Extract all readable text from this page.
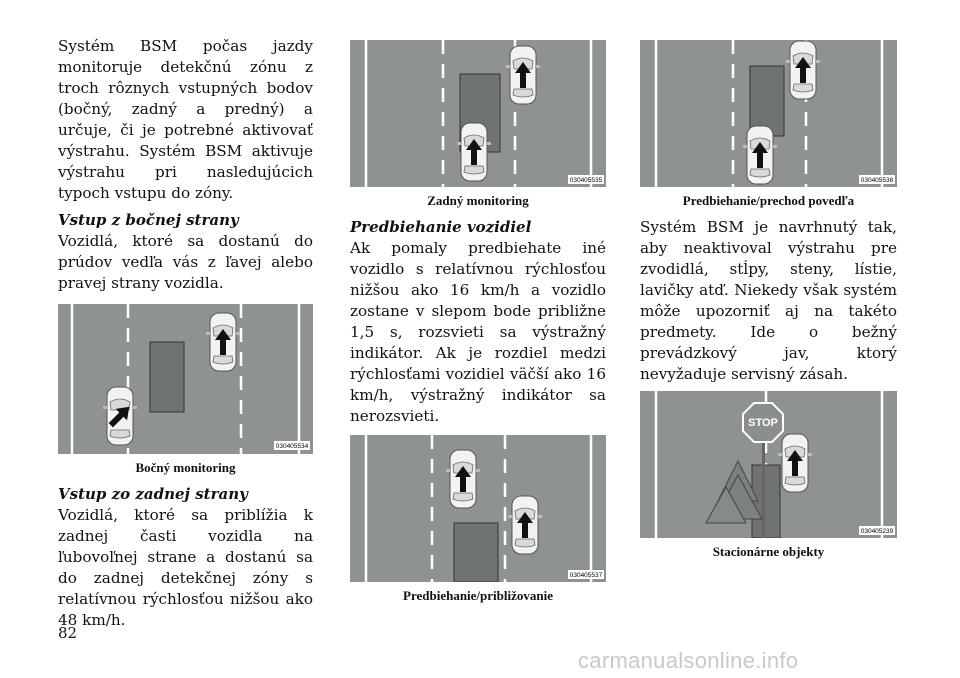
Systém BSM počas jazdy monitoruje detekčnú zónu z troch rôznych vstupných bodov (bočný, zadný a predný) a určuje, či je potrebné aktivovať výstrahu. Systém BSM aktivuje výstrahu pri nasledujúcich typoch vstupu do zóny.

Vstup z bočnej strany

Vozidlá, ktoré sa dostanú do prúdov vedľa vás z ľavej alebo pravej strany vozidla.

030405534
Bočný monitoring
Vstup zo zadnej strany

Vozidlá, ktoré sa priblížia k zadnej časti vozidla na ľubovoľnej strane a dostanú sa do zadnej detekčnej zóny s relatívnou rýchlosťou nižšou ako 48 km/h.

030405535
Zadný monitoring
Predbiehanie vozidiel

Ak pomaly predbiehate iné vozidlo s relatívnou rýchlosťou nižšou ako 16 km/h a vozidlo zostane v slepom bode približne 1,5 s, rozsvieti sa výstražný indikátor. Ak je rozdiel medzi rýchlosťami vozidiel väčší ako 16 km/h, výstražný indikátor sa nerozsvieti.

030405537
Predbiehanie/približovanie
030405538
Predbiehanie/prechod povedľa

Systém BSM je navrhnutý tak, aby neaktivoval výstrahu pre zvodidlá, stĺpy, steny, lístie, lavičky atď. Niekedy však systém môže upozorniť aj na takéto predmety. Ide o bežný prevádzkový jav, ktorý nevyžaduje servisný zásah.

STOP
030405239
Stacionárne objekty
82
carmanualsonline.info
